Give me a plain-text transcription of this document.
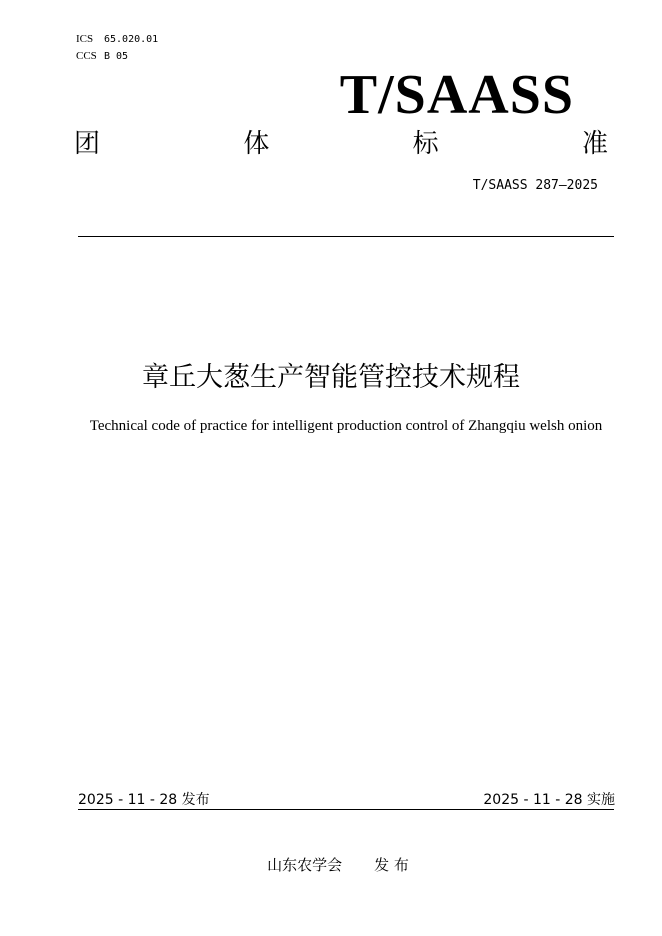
ICS 65.020.01
CCS B 05
T/SAASS
团	体	标	准
T/SAASS 287—2025
章丘大葱生产智能管控技术规程
Technical code of practice for intelligent production control of Zhangqiu welsh onion
2025 - 11 - 28 发布	2025 - 11 - 28 实施
山东农学会 发 布
